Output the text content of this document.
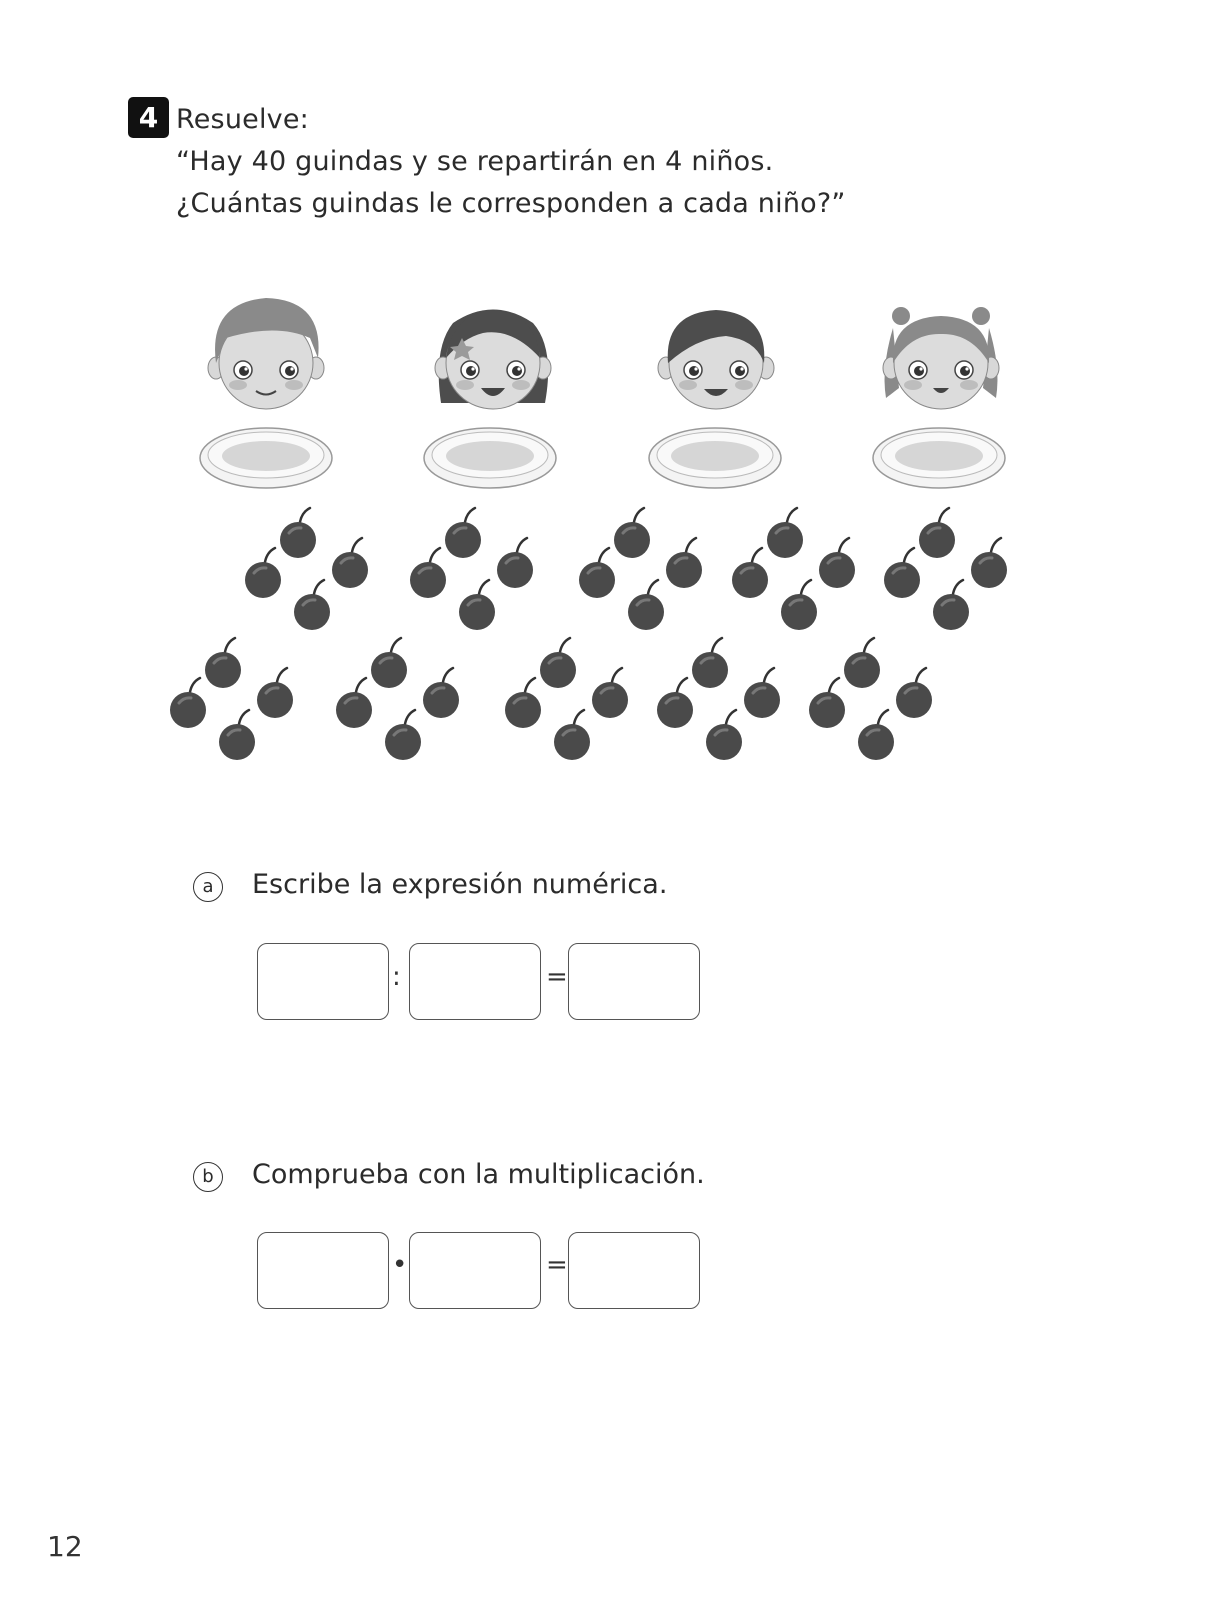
4 Resuelve:
“Hay 40 guindas y se repartirán en 4 niños.
¿Cuántas guindas le corresponden a cada niño?”
a	Escribe la expresión numérica.
:	=
b	Comprueba con la multiplicación.
•	=
12
